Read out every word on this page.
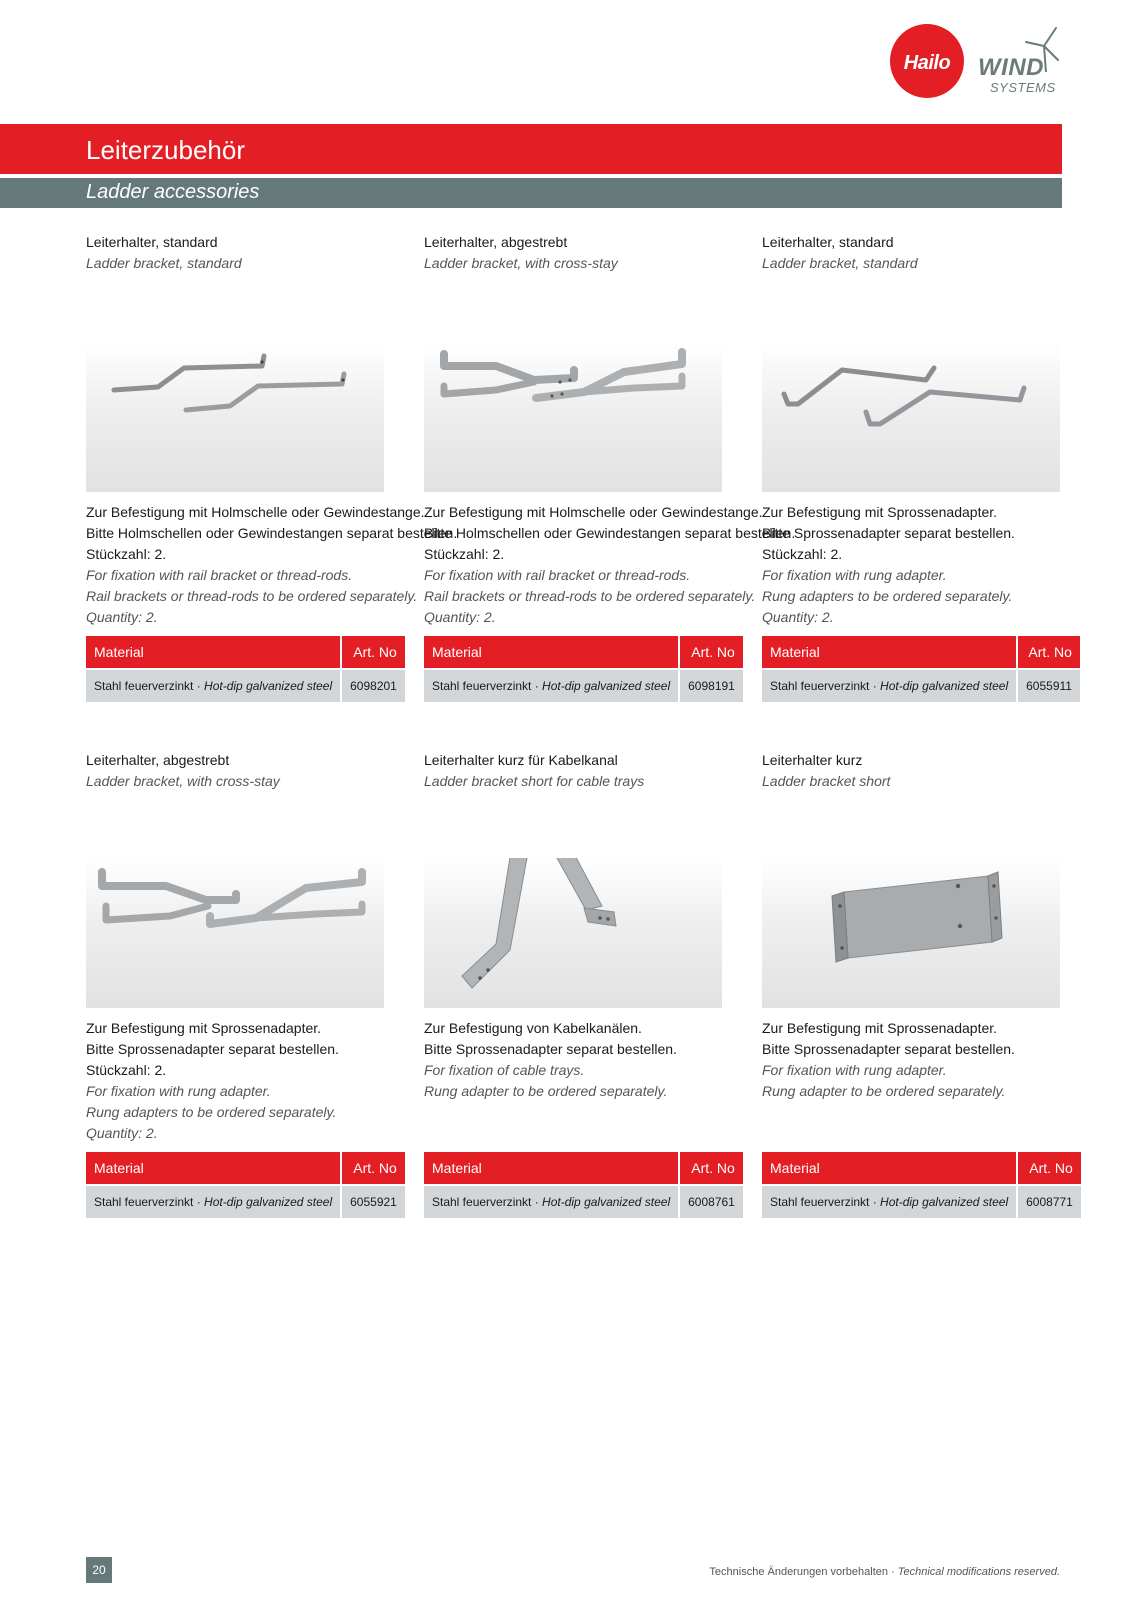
Hailo	WIND
SYSTEMS
Leiterzubehör
Ladder accessories
Leiterhalter, standard
Ladder bracket, standard
Zur Befestigung mit Holmschelle oder Gewindestange.
Bitte Holmschellen oder Gewindestangen separat bestellen.
Stückzahl: 2.
For fixation with rail bracket or thread-rods.
Rail brackets or thread-rods to be ordered separately.
Quantity: 2.
Material	Art. No
Stahl feuerverzinkt · Hot-dip galvanized steel	6098201
Leiterhalter, abgestrebt
Ladder bracket, with cross-stay
Zur Befestigung mit Holmschelle oder Gewindestange.
Bitte Holmschellen oder Gewindestangen separat bestellen.
Stückzahl: 2.
For fixation with rail bracket or thread-rods.
Rail brackets or thread-rods to be ordered separately.
Quantity: 2.
Material	Art. No
Stahl feuerverzinkt · Hot-dip galvanized steel	6098191
Leiterhalter, standard
Ladder bracket, standard
Zur Befestigung mit Sprossenadapter.
Bitte Sprossenadapter separat bestellen.
Stückzahl: 2.
For fixation with rung adapter.
Rung adapters to be ordered separately.
Quantity: 2.
Material	Art. No
Stahl feuerverzinkt · Hot-dip galvanized steel	6055911
Leiterhalter, abgestrebt
Ladder bracket, with cross-stay
Zur Befestigung mit Sprossenadapter.
Bitte Sprossenadapter separat bestellen.
Stückzahl: 2.
For fixation with rung adapter.
Rung adapters to be ordered separately.
Quantity: 2.
Material	Art. No
Stahl feuerverzinkt · Hot-dip galvanized steel	6055921
Leiterhalter kurz für Kabelkanal
Ladder bracket short for cable trays
Zur Befestigung von Kabelkanälen.
Bitte Sprossenadapter separat bestellen.
For fixation of cable trays.
Rung adapter to be ordered separately.
Material	Art. No
Stahl feuerverzinkt · Hot-dip galvanized steel	6008761
Leiterhalter kurz
Ladder bracket short
Zur Befestigung mit Sprossenadapter.
Bitte Sprossenadapter separat bestellen.
For fixation with rung adapter.
Rung adapter to be ordered separately.
Material	Art. No
Stahl feuerverzinkt · Hot-dip galvanized steel	6008771
20	Technische Änderungen vorbehalten · Technical modifications reserved.
